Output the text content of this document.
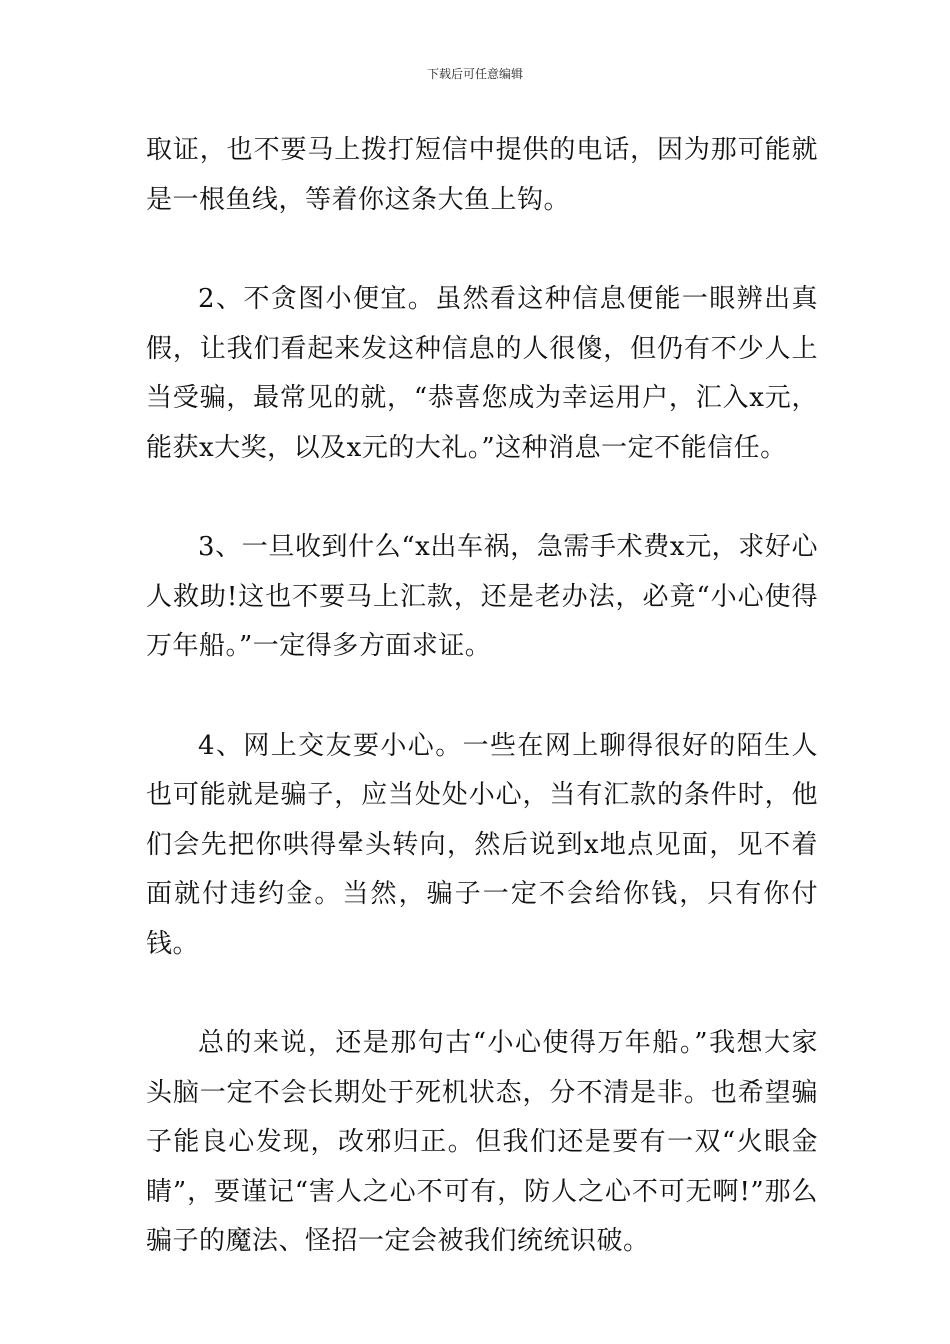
下载后可任意编辑

取证，也不要马上拨打短信中提供的电话，因为那可能就是一根鱼线，等着你这条大鱼上钩。

2、不贪图小便宜。虽然看这种信息便能一眼辨出真假，让我们看起来发这种信息的人很傻，但仍有不少人上当受骗，最常见的就，“恭喜您成为幸运用户，汇入x元，能获x大奖，以及x元的大礼。”这种消息一定不能信任。

3、一旦收到什么“x出车祸，急需手术费x元，求好心人救助!这也不要马上汇款，还是老办法，必竟“小心使得万年船。”一定得多方面求证。

4、网上交友要小心。一些在网上聊得很好的陌生人也可能就是骗子，应当处处小心，当有汇款的条件时，他们会先把你哄得晕头转向，然后说到x地点见面，见不着面就付违约金。当然，骗子一定不会给你钱，只有你付钱。

总的来说，还是那句古“小心使得万年船。”我想大家头脑一定不会长期处于死机状态，分不清是非。也希望骗子能良心发现，改邪归正。但我们还是要有一双“火眼金睛”，要谨记“害人之心不可有，防人之心不可无啊!”那么骗子的魔法、怪招一定会被我们统统识破。
